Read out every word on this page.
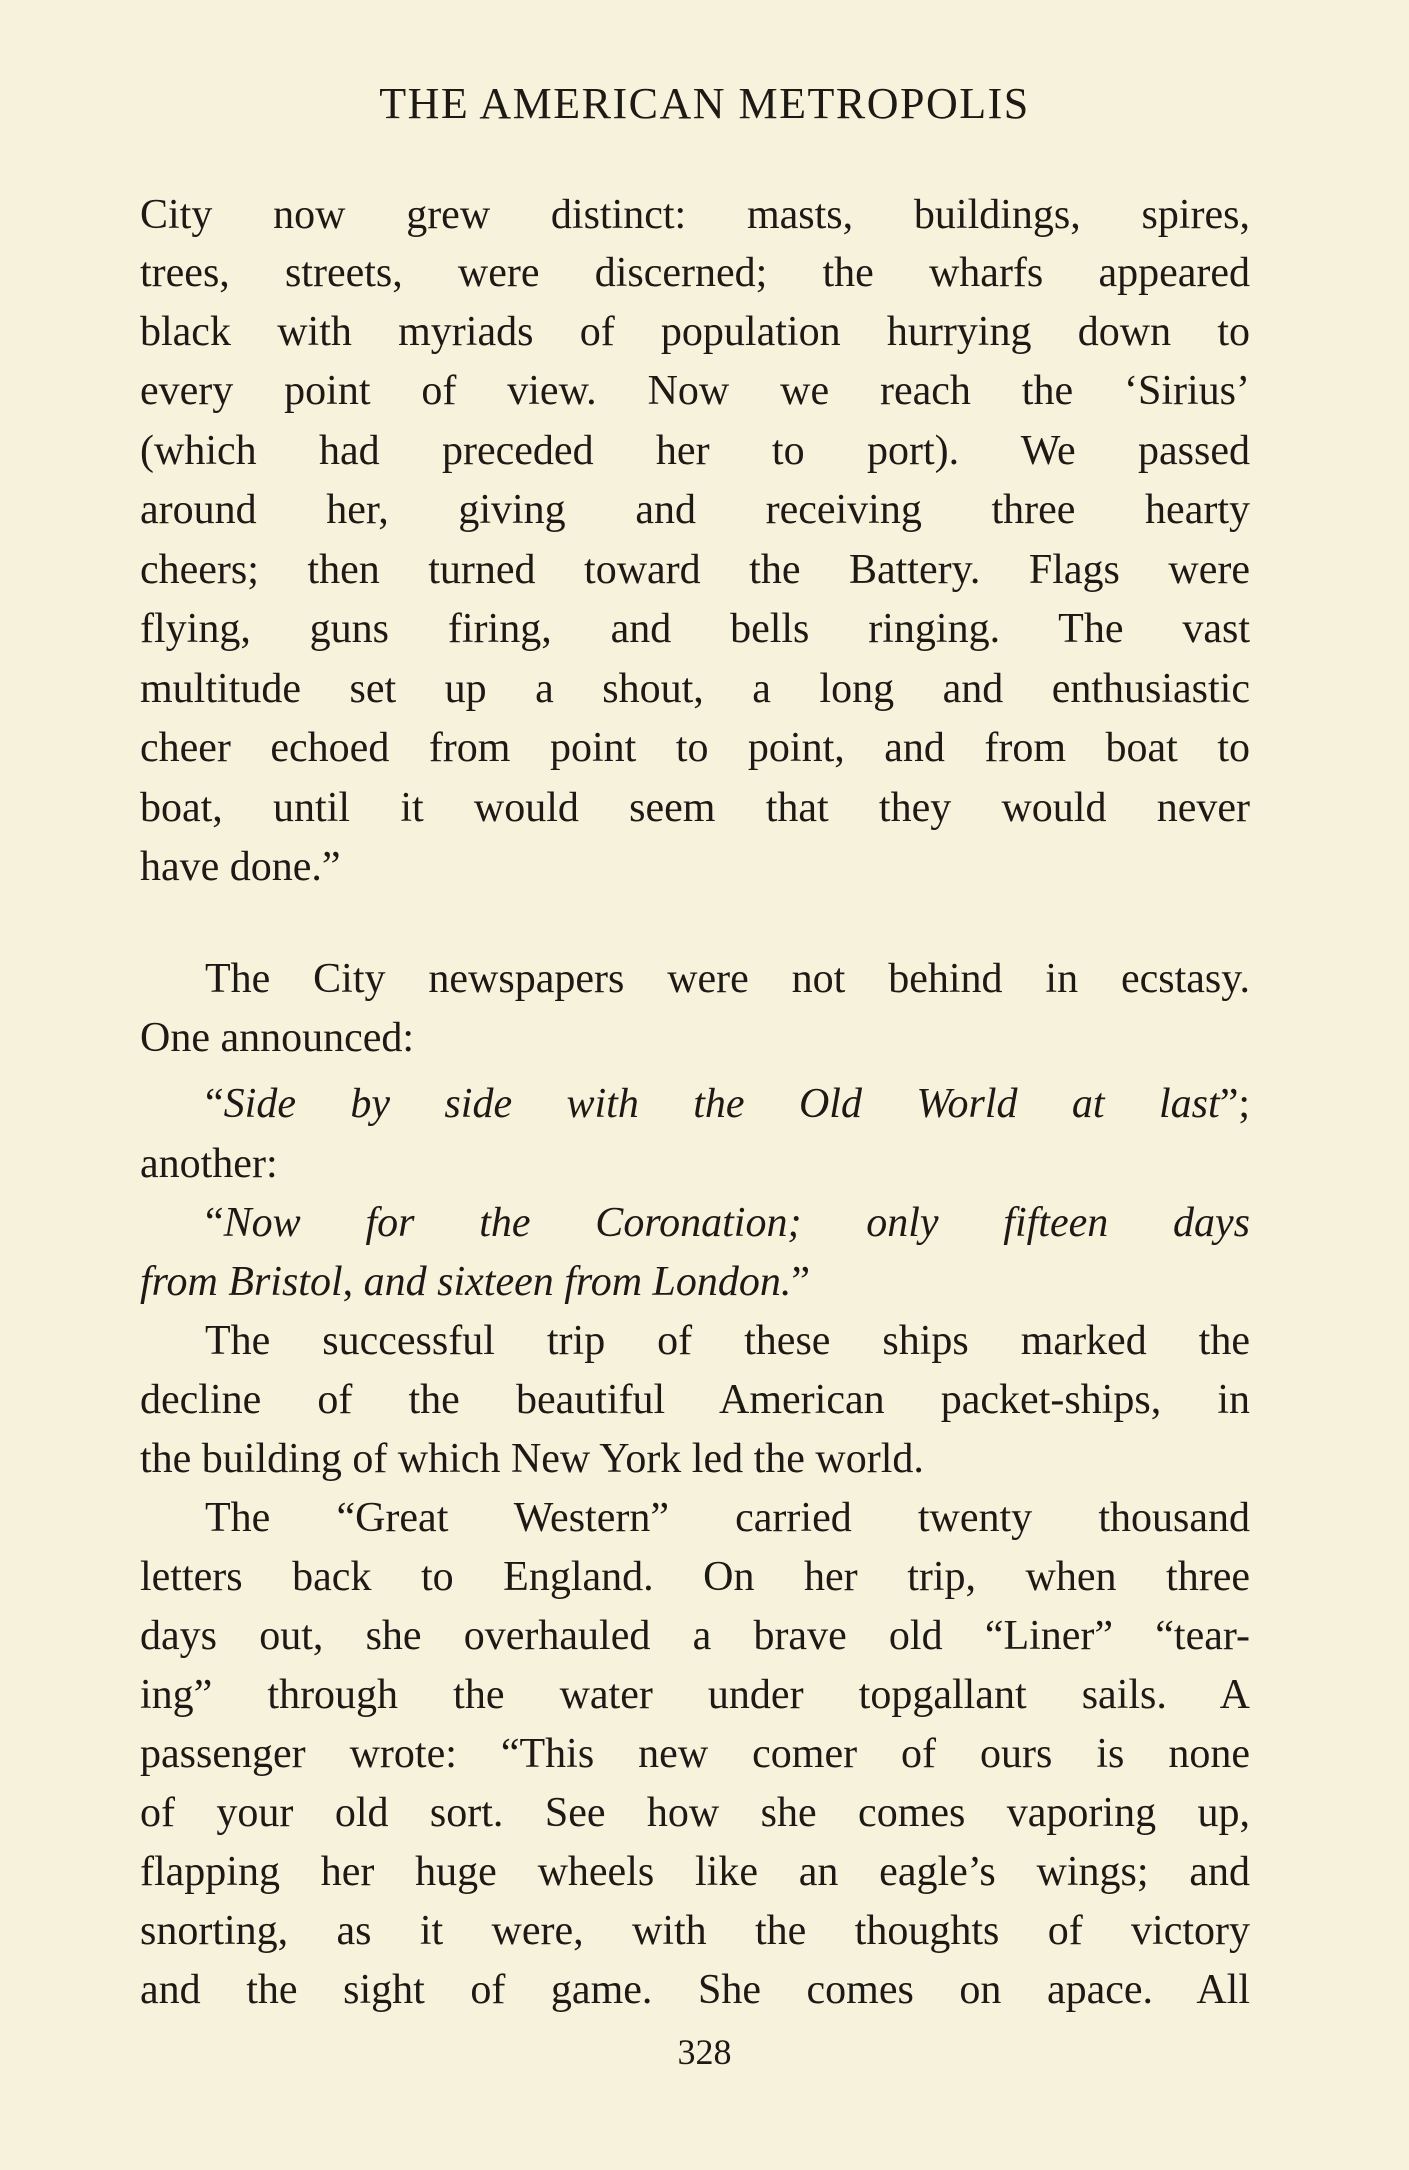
THE AMERICAN METROPOLIS
City now grew distinct: masts, buildings, spires,
trees, streets, were discerned; the wharfs appeared
black with myriads of population hurrying down to
every point of view. Now we reach the ‘Sirius’
(which had preceded her to port). We passed
around her, giving and receiving three hearty
cheers; then turned toward the Battery. Flags were
flying, guns firing, and bells ringing. The vast
multitude set up a shout, a long and enthusiastic
cheer echoed from point to point, and from boat to
boat, until it would seem that they would never
have done.”
The City newspapers were not behind in ecstasy.
One announced:
“Side by side with the Old World at last”;
another:
“Now for the Coronation; only fifteen days
from Bristol, and sixteen from London.”
The successful trip of these ships marked the
decline of the beautiful American packet-ships, in
the building of which New York led the world.
The “Great Western” carried twenty thousand
letters back to England. On her trip, when three
days out, she overhauled a brave old “Liner” “tear-
ing” through the water under topgallant sails. A
passenger wrote: “This new comer of ours is none
of your old sort. See how she comes vaporing up,
flapping her huge wheels like an eagle’s wings; and
snorting, as it were, with the thoughts of victory
and the sight of game. She comes on apace. All
328
